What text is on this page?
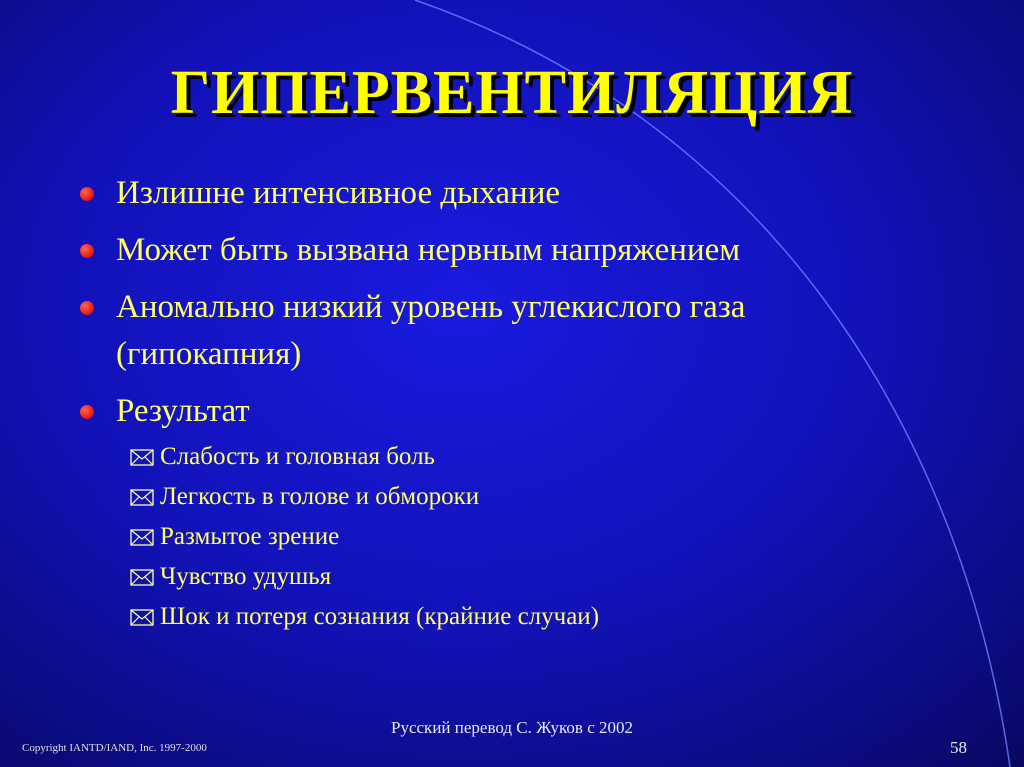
ГИПЕРВЕНТИЛЯЦИЯ
Излишне интенсивное дыхание
Может быть вызвана нервным напряжением
Аномально низкий уровень углекислого газа (гипокапния)
Результат
Слабость и головная боль
Легкость в голове и обмороки
Размытое зрение
Чувство удушья
Шок и потеря сознания (крайние случаи)
Русский перевод С. Жуков с 2002
Copyright IANTD/IAND, Inc. 1997-2000	58
